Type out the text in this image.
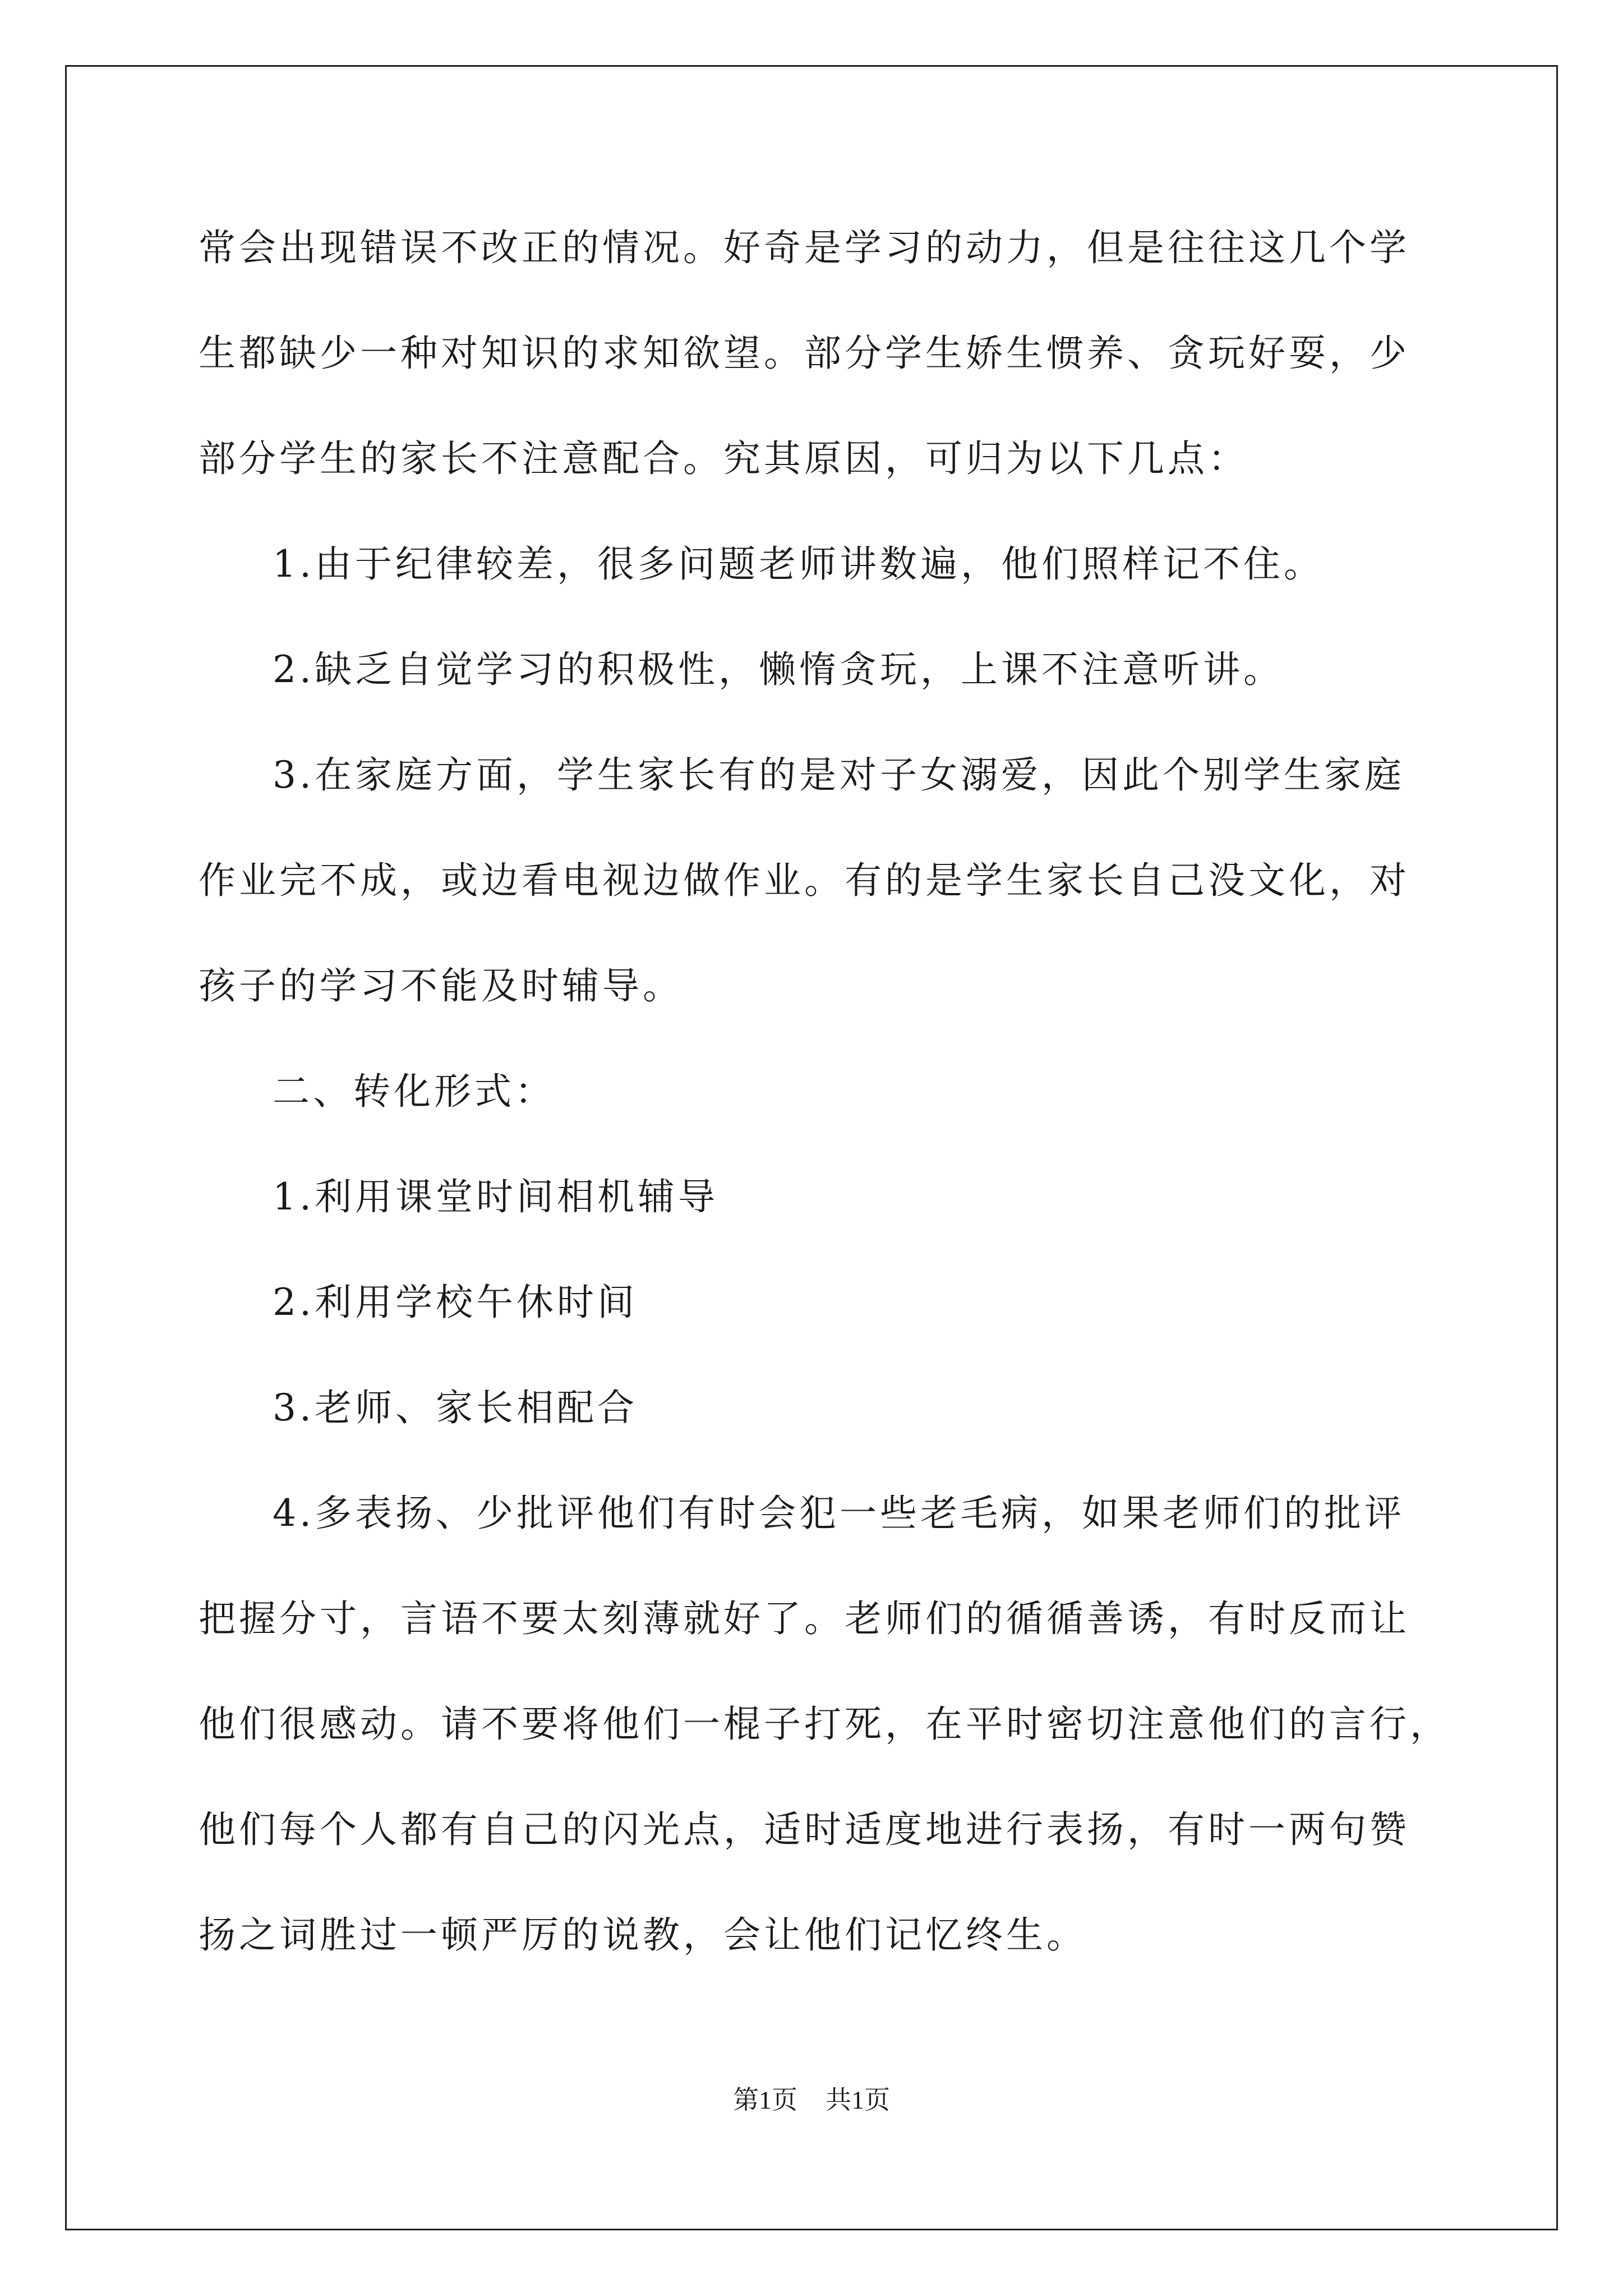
常会出现错误不改正的情况。好奇是学习的动力，但是往往这几个学
生都缺少一种对知识的求知欲望。部分学生娇生惯养、贪玩好耍，少
部分学生的家长不注意配合。究其原因，可归为以下几点：
1.由于纪律较差，很多问题老师讲数遍，他们照样记不住。
2.缺乏自觉学习的积极性，懒惰贪玩，上课不注意听讲。
3.在家庭方面，学生家长有的是对子女溺爱，因此个别学生家庭
作业完不成，或边看电视边做作业。有的是学生家长自己没文化，对
孩子的学习不能及时辅导。
二、转化形式：
1.利用课堂时间相机辅导
2.利用学校午休时间
3.老师、家长相配合
4.多表扬、少批评他们有时会犯一些老毛病，如果老师们的批评
把握分寸，言语不要太刻薄就好了。老师们的循循善诱，有时反而让
他们很感动。请不要将他们一棍子打死，在平时密切注意他们的言行，
他们每个人都有自己的闪光点，适时适度地进行表扬，有时一两句赞
扬之词胜过一顿严厉的说教，会让他们记忆终生。
第1页 共1页
